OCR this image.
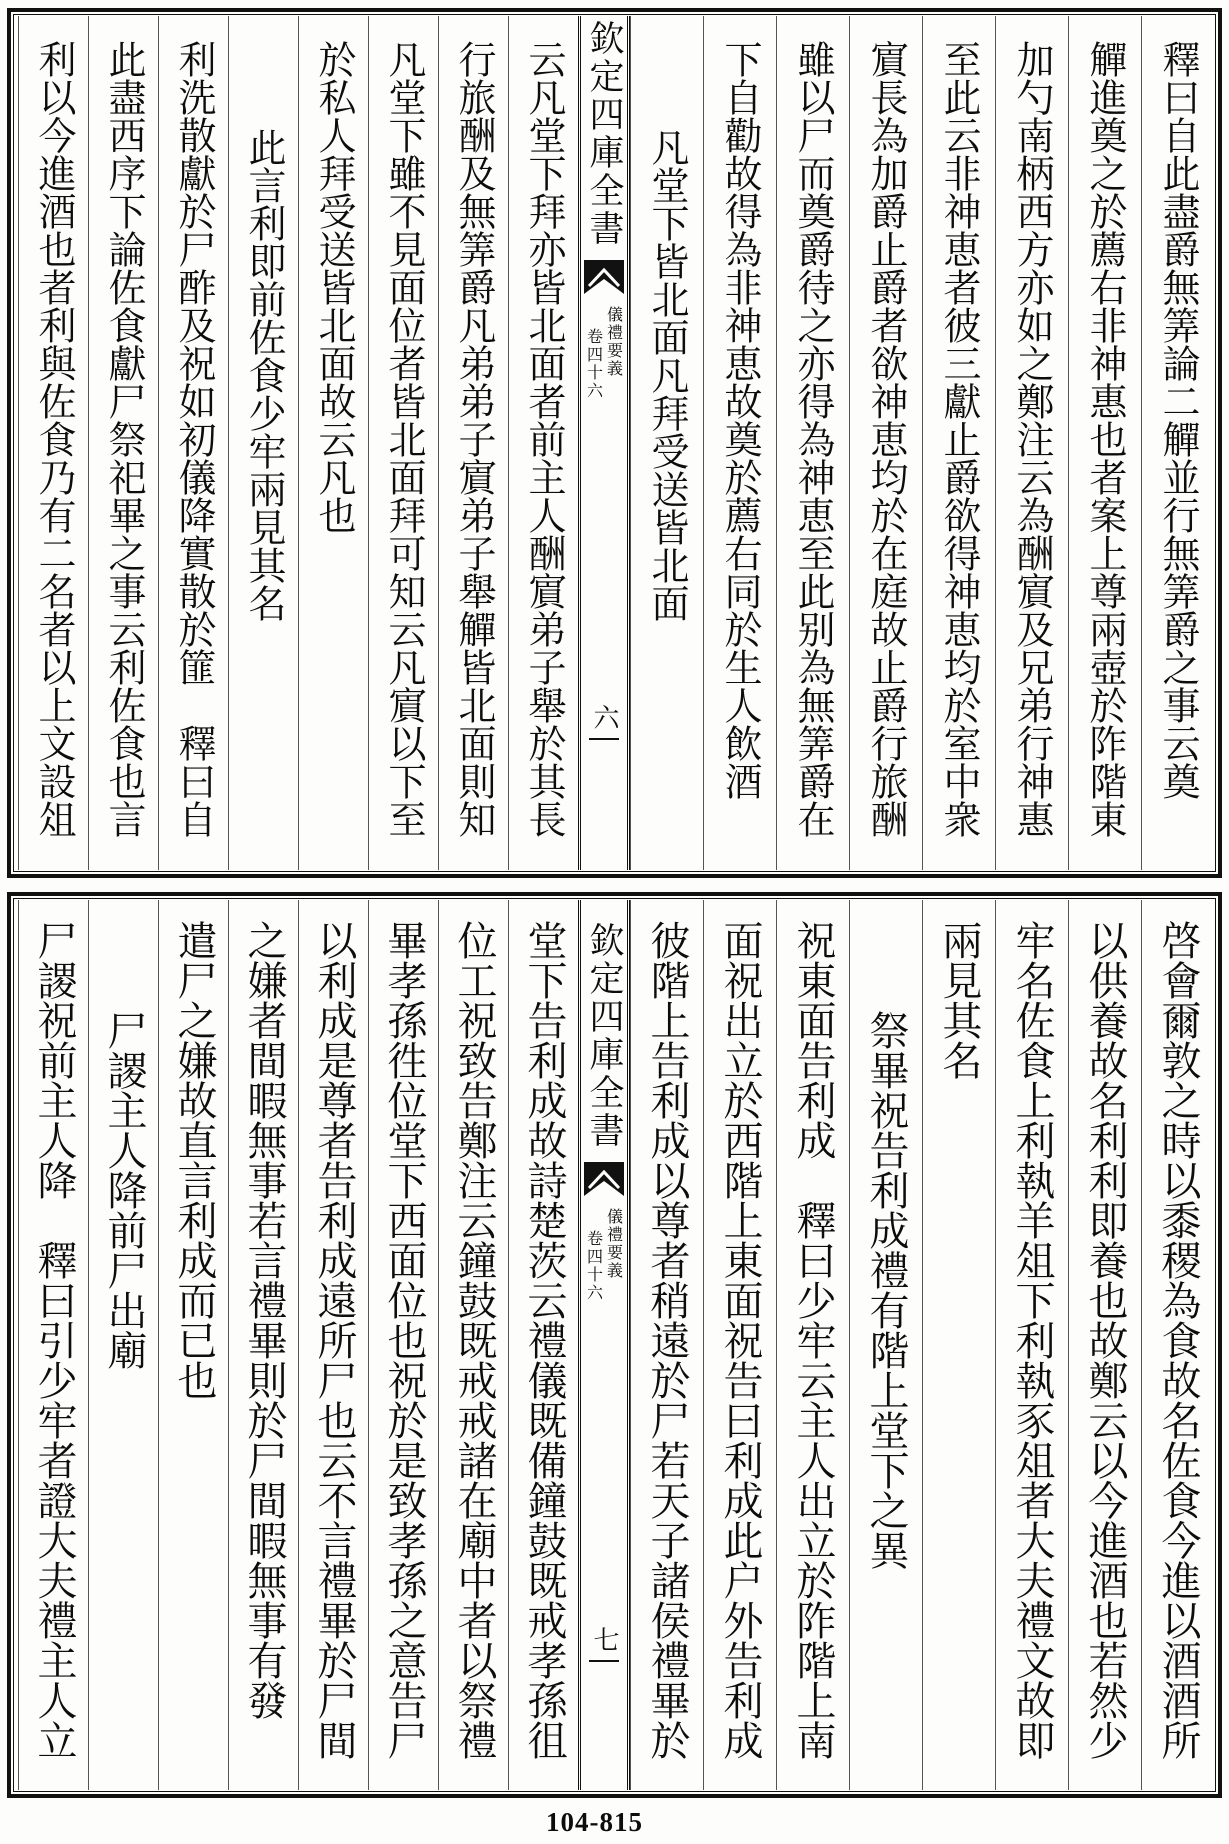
釋曰自此盡爵無筭論二觶並行無筭爵之事云奠
觶進奠之於薦右非神惠也者案上尊兩壺於阼階東
加勺南柄西方亦如之鄭注云為酬賔及兄弟行神惠
至此云非神恵者彼三獻止爵欲得神恵均於室中衆
賔長為加爵止爵者欲神恵均於在庭故止爵行旅酬
雖以尸而奠爵待之亦得為神恵至此别為無筭爵在
下自勸故得為非神恵故奠於薦右同於生人飲酒
凡堂下皆北面凡拜受送皆北面
欽定四庫全書
儀禮要義
卷四十六
六
云凡堂下拜亦皆北面者前主人酬賔弟子舉於其長
行旅酬及無筭爵凡弟弟子賔弟子舉觶皆北面則知
凡堂下雖不見面位者皆北面拜可知云凡賔以下至
於私人拜受送皆北面故云凡也
此言利即前佐食少牢兩見其名
利洗散獻於尸酢及祝如初儀降實散於篚　釋曰自
此盡西序下論佐食獻尸祭祀畢之事云利佐食也言
利以今進酒也者利與佐食乃有二名者以上文設俎
啓會爾敦之時以黍稷為食故名佐食今進以酒酒所
以供養故名利利即養也故鄭云以今進酒也若然少
牢名佐食上利執羊俎下利執豕俎者大夫禮文故即
兩見其名
祭畢祝告利成禮有階上堂下之異
祝東面告利成　釋曰少牢云主人出立於阼階上南
面祝出立於西階上東面祝告曰利成此户外告利成
彼階上告利成以尊者稍遠於尸若天子諸侯禮畢於
欽定四庫全書
儀禮要義
卷四十六
七
堂下告利成故詩楚茨云禮儀既備鐘鼓既戒孝孫徂
位工祝致告鄭注云鐘鼓既戒戒諸在廟中者以祭禮
畢孝孫徃位堂下西面位也祝於是致孝孫之意告尸
以利成是尊者告利成遠所尸也云不言禮畢於尸間
之嫌者間暇無事若言禮畢則於尸間暇無事有發
遣尸之嫌故直言利成而已也
尸謖主人降前尸出廟
尸謖祝前主人降　釋曰引少牢者證大夫禮主人立
104-815
